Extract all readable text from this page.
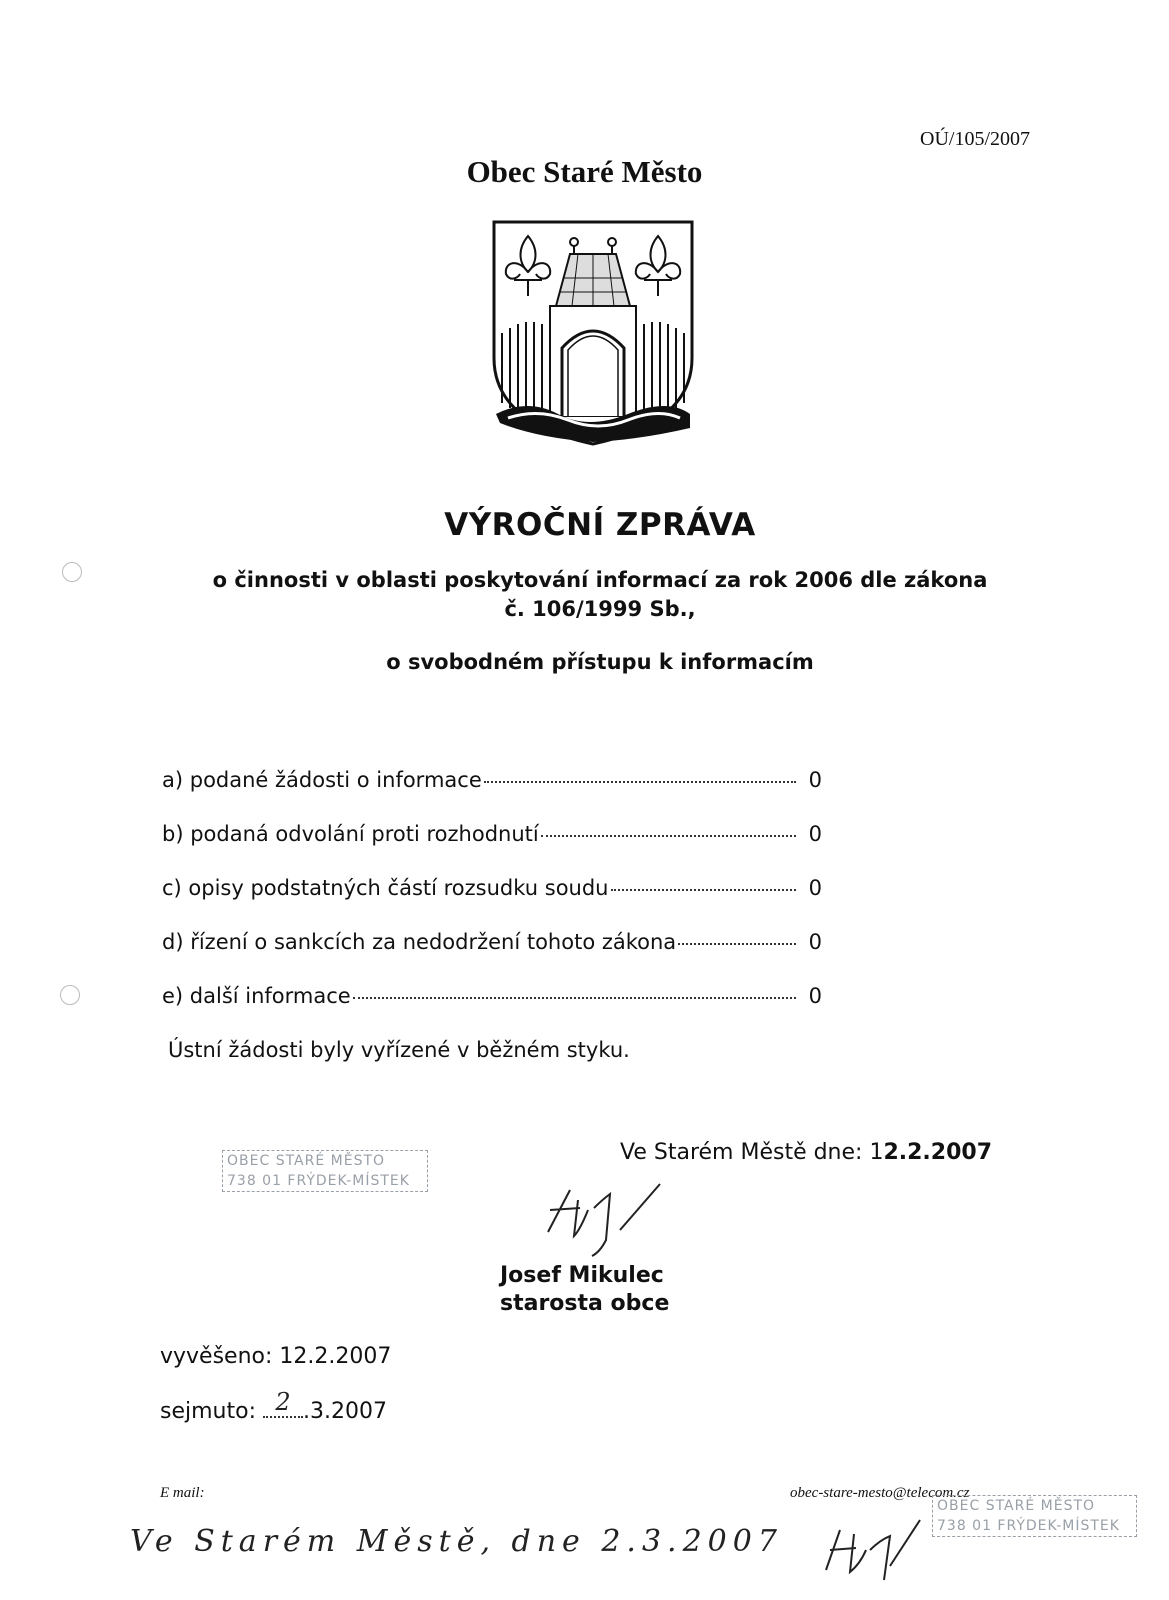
OÚ/105/2007
Obec Staré Město
VÝROČNÍ ZPRÁVA
o činnosti v oblasti poskytování informací za rok 2006 dle zákona
č. 106/1999 Sb.,
o svobodném přístupu k informacím
a) podané žádosti o informace	0
b) podaná odvolání proti rozhodnutí	0
c) opisy podstatných částí rozsudku soudu	0
d) řízení o sankcích za nedodržení tohoto zákona	0
e) další informace	0
Ústní žádosti byly vyřízené v běžném styku.
OBEC STARÉ MĚSTO
738 01 FRÝDEK-MÍSTEK
Ve Starém Městě dne: 12.2.2007
Josef Mikulec
starosta obce
vyvěšeno: 12.2.2007
sejmuto: 2 .3.2007
E mail:	obec-stare-mesto@telecom.cz
Ve Starém Městě, dne 2.3.2007
OBEC STARÉ MĚSTO
738 01 FRÝDEK-MÍSTEK
